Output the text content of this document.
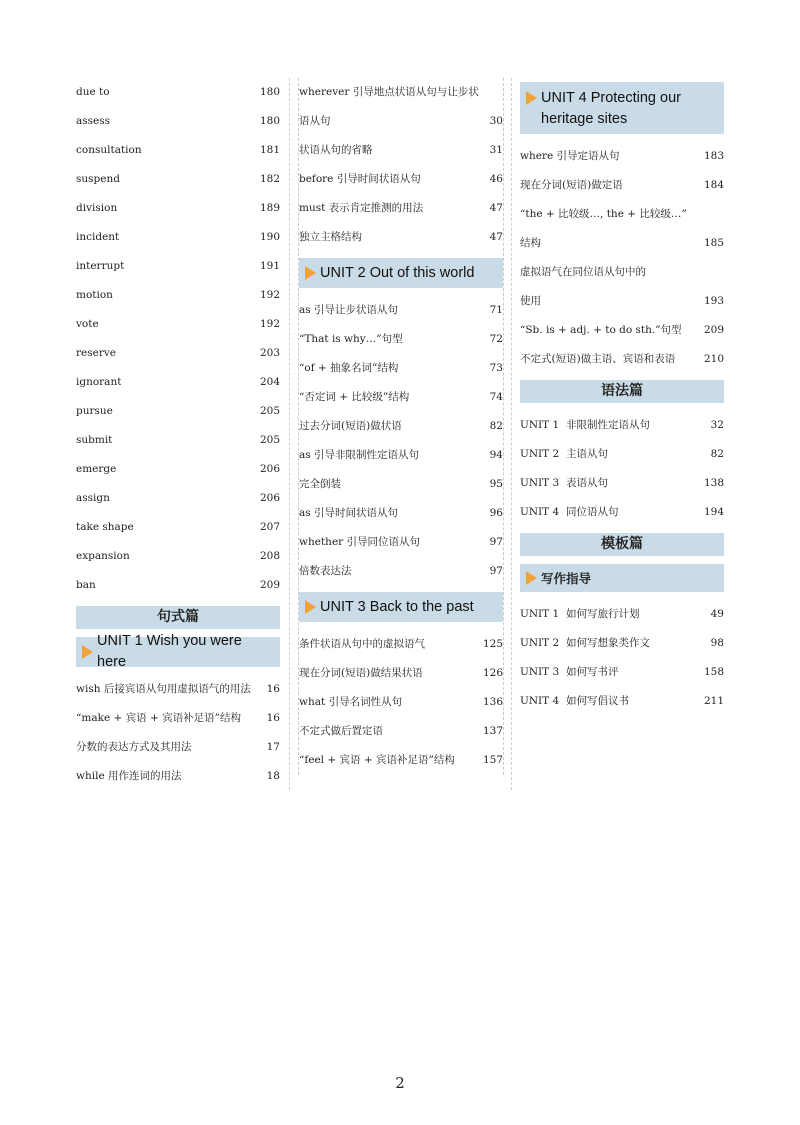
due to	180
assess	180
consultation	181
suspend	182
division	189
incident	190
interrupt	191
motion	192
vote	192
reserve	203
ignorant	204
pursue	205
submit	205
emerge	206
assign	206
take shape	207
expansion	208
ban	209
句式篇
UNIT 1 Wish you were here
wish 后接宾语从句用虚拟语气的用法	16
“make + 宾语 + 宾语补足语”结构	16
分数的表达方式及其用法	17
while 用作连词的用法	18
wherever 引导地点状语从句与让步状
语从句	30
状语从句的省略	31
before 引导时间状语从句	46
must 表示肯定推测的用法	47
独立主格结构	47
UNIT 2 Out of this world
as 引导让步状语从句	71
“That is why…”句型	72
“of + 抽象名词”结构	73
“否定词 + 比较级”结构	74
过去分词(短语)做状语	82
as 引导非限制性定语从句	94
完全倒装	95
as 引导时间状语从句	96
whether 引导同位语从句	97
倍数表达法	97
UNIT 3 Back to the past
条件状语从句中的虚拟语气	125
现在分词(短语)做结果状语	126
what 引导名词性从句	136
不定式做后置定语	137
“feel + 宾语 + 宾语补足语”结构	157
UNIT 4 Protecting our
heritage sites
where 引导定语从句	183
现在分词(短语)做定语	184
“the + 比较级…, the + 比较级…”
结构	185
虚拟语气在同位语从句中的
使用	193
“Sb. is + adj. + to do sth.”句型	209
不定式(短语)做主语、宾语和表语	210
语法篇
UNIT 1 非限制性定语从句	32
UNIT 2 主语从句	82
UNIT 3 表语从句	138
UNIT 4 同位语从句	194
模板篇
写作指导
UNIT 1 如何写旅行计划	49
UNIT 2 如何写想象类作文	98
UNIT 3 如何写书评	158
UNIT 4 如何写倡议书	211
2
